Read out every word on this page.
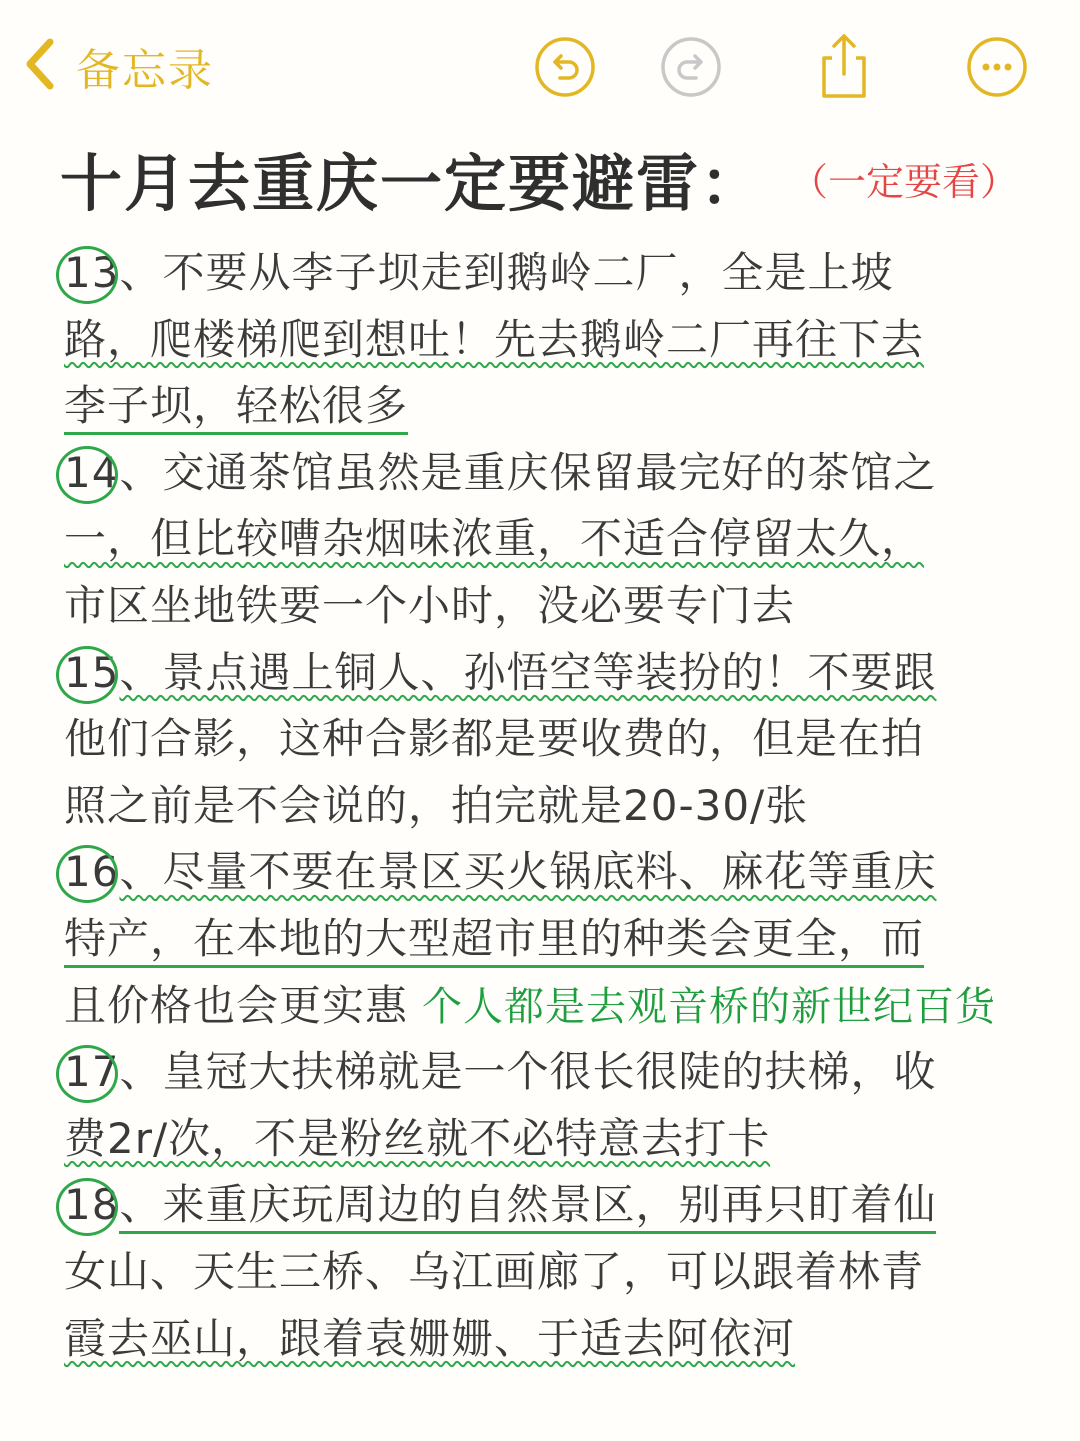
备忘录
十月去重庆一定要避雷： （一定要看）
13、不要从李子坝走到鹅岭二厂，全是上坡
路，爬楼梯爬到想吐！先去鹅岭二厂再往下去
李子坝，轻松很多
14、交通茶馆虽然是重庆保留最完好的茶馆之
一，但比较嘈杂烟味浓重，不适合停留太久，
市区坐地铁要一个小时，没必要专门去
15、景点遇上铜人、孙悟空等装扮的！不要跟
他们合影，这种合影都是要收费的，但是在拍
照之前是不会说的，拍完就是20-30/张
16、尽量不要在景区买火锅底料、麻花等重庆
特产，在本地的大型超市里的种类会更全，而
且价格也会更实惠 个人都是去观音桥的新世纪百货
17、皇冠大扶梯就是一个很长很陡的扶梯，收
费2r/次，不是粉丝就不必特意去打卡
18、来重庆玩周边的自然景区，别再只盯着仙
女山、天生三桥、乌江画廊了，可以跟着林青
霞去巫山，跟着袁姗姗、于适去阿依河
